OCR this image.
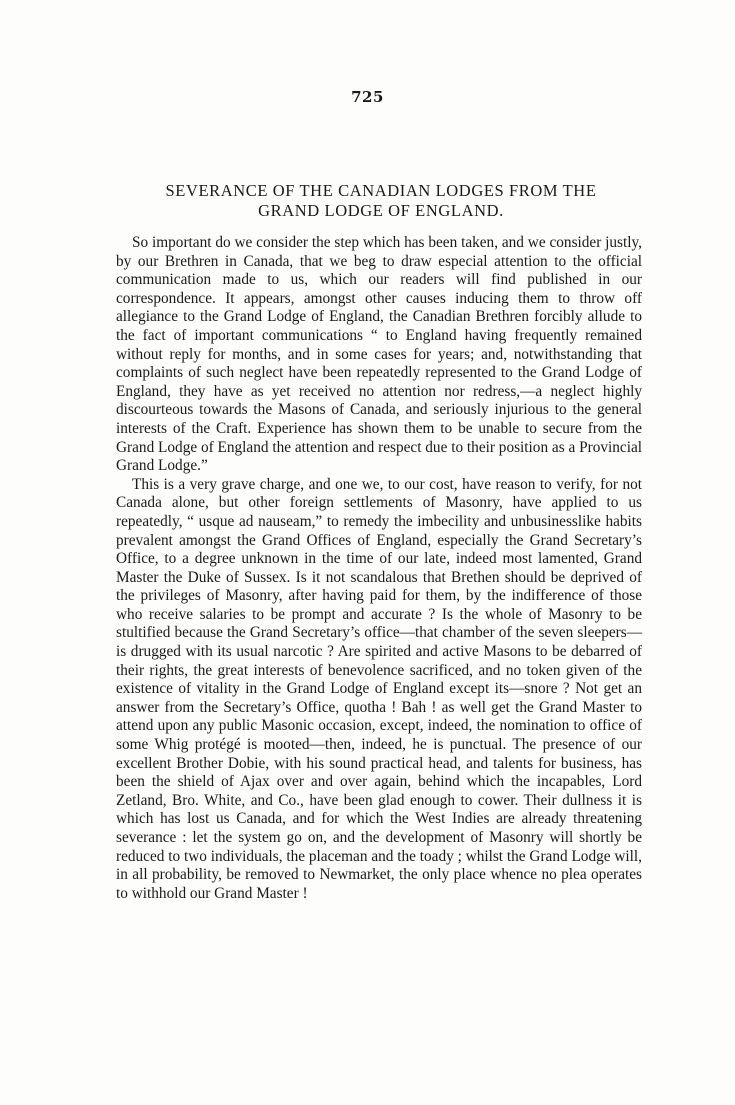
725
SEVERANCE OF THE CANADIAN LODGES FROM THE
GRAND LODGE OF ENGLAND.

So important do we consider the step which has been taken, and we consider justly, by our Brethren in Canada, that we beg to draw especial attention to the official communication made to us, which our readers will find published in our correspondence. It appears, amongst other causes inducing them to throw off allegiance to the Grand Lodge of England, the Canadian Brethren forcibly allude to the fact of important communications “ to England having frequently remained without reply for months, and in some cases for years; and, notwithstanding that complaints of such neglect have been repeatedly represented to the Grand Lodge of England, they have as yet received no attention nor redress,—a neglect highly discourteous towards the Masons of Canada, and seriously injurious to the general interests of the Craft. Experience has shown them to be unable to secure from the Grand Lodge of England the attention and respect due to their position as a Provincial Grand Lodge.”

This is a very grave charge, and one we, to our cost, have reason to verify, for not Canada alone, but other foreign settlements of Masonry, have applied to us repeatedly, “ usque ad nauseam,” to remedy the imbecility and unbusinesslike habits prevalent amongst the Grand Offices of England, especially the Grand Secretary’s Office, to a degree unknown in the time of our late, indeed most lamented, Grand Master the Duke of Sussex. Is it not scandalous that Brethen should be deprived of the privileges of Masonry, after having paid for them, by the indifference of those who receive salaries to be prompt and accurate ? Is the whole of Masonry to be stultified because the Grand Secretary’s office—that chamber of the seven sleepers—is drugged with its usual narcotic ? Are spirited and active Masons to be debarred of their rights, the great interests of benevolence sacrificed, and no token given of the existence of vitality in the Grand Lodge of England except its—snore ? Not get an answer from the Secretary’s Office, quotha ! Bah ! as well get the Grand Master to attend upon any public Masonic occasion, except, indeed, the nomination to office of some Whig protégé is mooted—then, indeed, he is punctual. The presence of our excellent Brother Dobie, with his sound practical head, and talents for business, has been the shield of Ajax over and over again, behind which the incapables, Lord Zetland, Bro. White, and Co., have been glad enough to cower. Their dullness it is which has lost us Canada, and for which the West Indies are already threatening severance : let the system go on, and the development of Masonry will shortly be reduced to two individuals, the placeman and the toady ; whilst the Grand Lodge will, in all probability, be removed to Newmarket, the only place whence no plea operates to withhold our Grand Master !
